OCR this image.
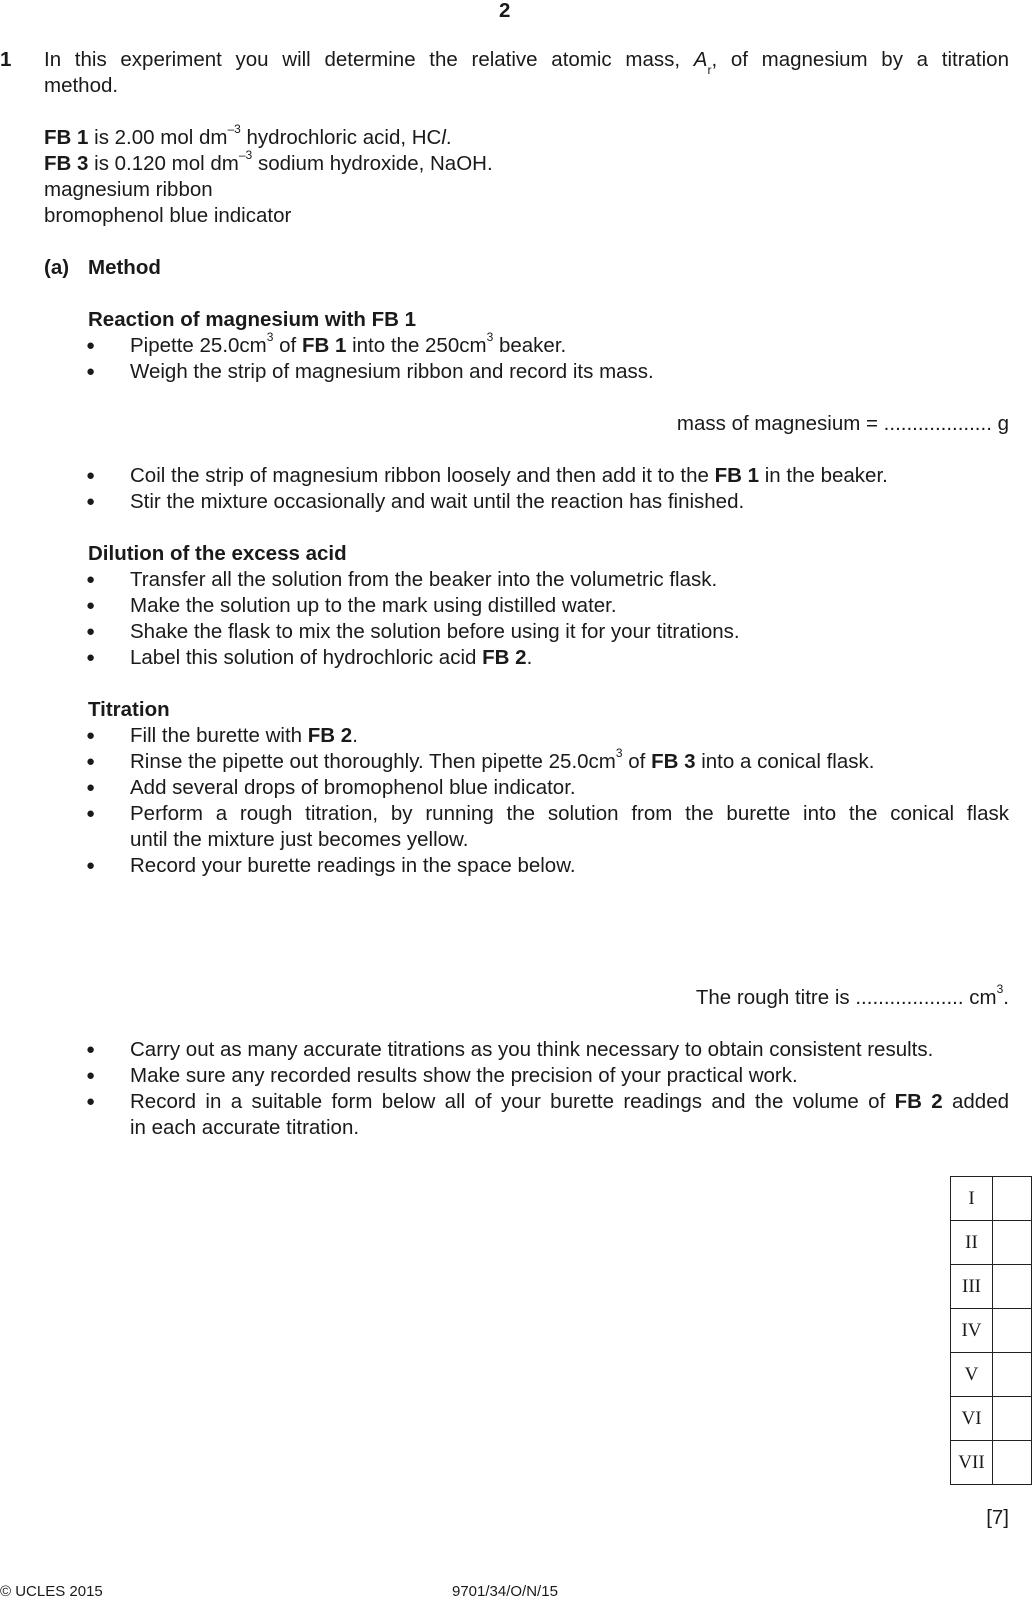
2
1 In this experiment you will determine the relative atomic mass, $A_r$, of magnesium by a titration
method.
FB 1 is 2.00 mol $dm^{-3}$ hydrochloric acid, HCl.
FB 3 is 0.120 mol $dm^{-3}$ sodium hydroxide, NaOH.
magnesium ribbon
bromophenol blue indicator
(a) Method
Reaction of magnesium with FB 1
● Pipette $25.0cm^3$ of FB 1 into the $250cm^3$ beaker.
● Weigh the strip of magnesium ribbon and record its mass.
mass of magnesium = ................... g
● Coil the strip of magnesium ribbon loosely and then add it to the FB 1 in the beaker.
● Stir the mixture occasionally and wait until the reaction has finished.
Dilution of the excess acid
● Transfer all the solution from the beaker into the volumetric flask.
● Make the solution up to the mark using distilled water.
● Shake the flask to mix the solution before using it for your titrations.
● Label this solution of hydrochloric acid FB 2.
Titration
● Fill the burette with FB 2.
● Rinse the pipette out thoroughly. Then pipette $25.0cm^3$ of FB 3 into a conical flask.
● Add several drops of bromophenol blue indicator.
● Perform a rough titration, by running the solution from the burette into the conical flask
until the mixture just becomes yellow.
● Record your burette readings in the space below.
The rough titre is ................... $cm^3$.
● Carry out as many accurate titrations as you think necessary to obtain consistent results.
● Make sure any recorded results show the precision of your practical work.
● Record in a suitable form below all of your burette readings and the volume of FB 2 added
in each accurate titration.
I	
II	
III	
IV	
V	
VI	
VII	
[7]
© UCLES 2015	9701/34/O/N/15
